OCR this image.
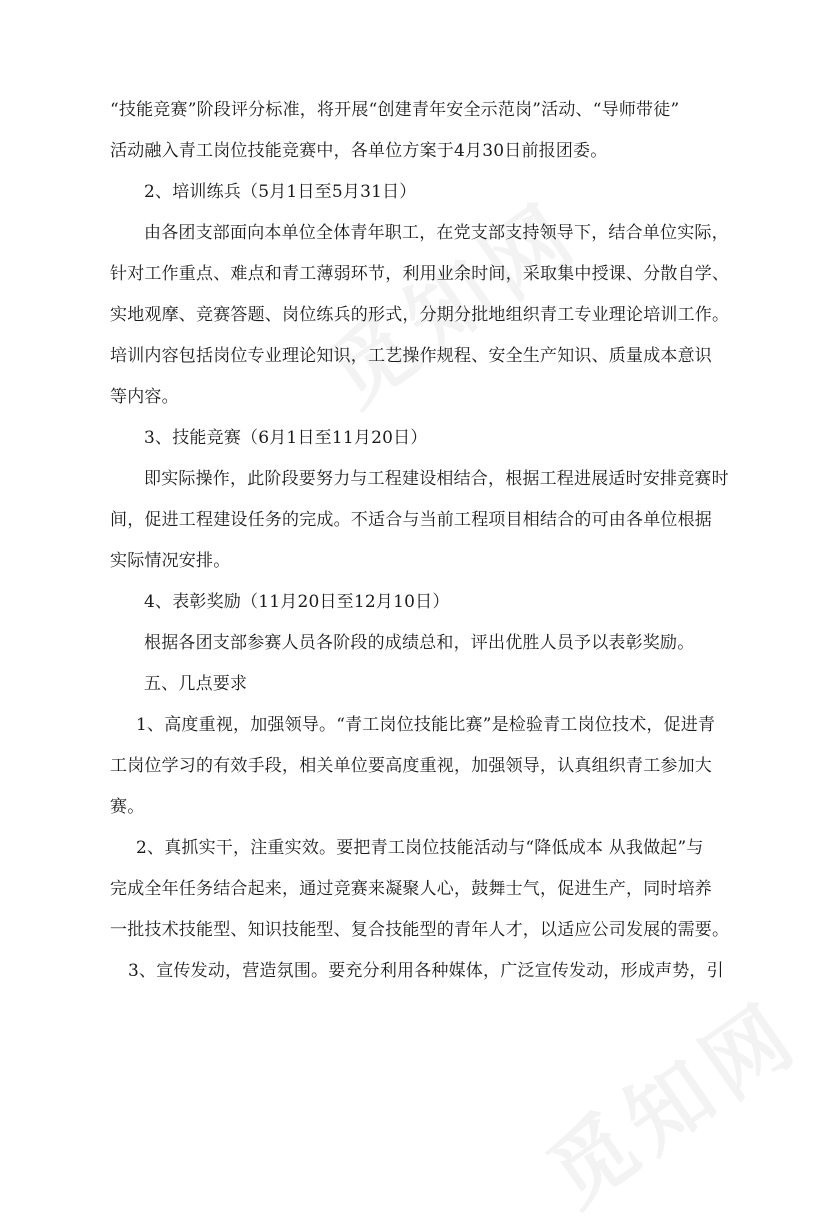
“技能竞赛”阶段评分标准，将开展“创建青年安全示范岗”活动、“导师带徒”
活动融入青工岗位技能竞赛中，各单位方案于4月30日前报团委。
2、培训练兵（5月1日至5月31日）
由各团支部面向本单位全体青年职工，在党支部支持领导下，结合单位实际，
针对工作重点、难点和青工薄弱环节，利用业余时间，采取集中授课、分散自学、
实地观摩、竞赛答题、岗位练兵的形式，分期分批地组织青工专业理论培训工作。
培训内容包括岗位专业理论知识，工艺操作规程、安全生产知识、质量成本意识
等内容。
3、技能竞赛（6月1日至11月20日）
即实际操作，此阶段要努力与工程建设相结合，根据工程进展适时安排竞赛时
间，促进工程建设任务的完成。不适合与当前工程项目相结合的可由各单位根据
实际情况安排。
4、表彰奖励（11月20日至12月10日）
根据各团支部参赛人员各阶段的成绩总和，评出优胜人员予以表彰奖励。
五、几点要求
1、高度重视，加强领导。“青工岗位技能比赛”是检验青工岗位技术，促进青
工岗位学习的有效手段，相关单位要高度重视，加强领导，认真组织青工参加大
赛。
2、真抓实干，注重实效。要把青工岗位技能活动与“降低成本 从我做起”与
完成全年任务结合起来，通过竞赛来凝聚人心，鼓舞士气，促进生产，同时培养
一批技术技能型、知识技能型、复合技能型的青年人才，以适应公司发展的需要。
3、宣传发动，营造氛围。要充分利用各种媒体，广泛宣传发动，形成声势，引
